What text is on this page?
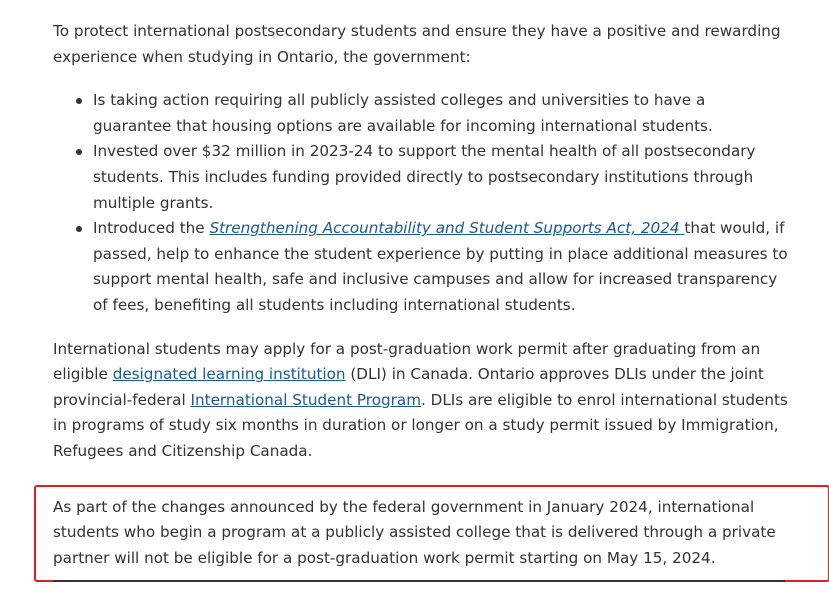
To protect international postsecondary students and ensure they have a positive and rewarding experience when studying in Ontario, the government:

Is taking action requiring all publicly assisted colleges and universities to have a guarantee that housing options are available for incoming international students.
Invested over $32 million in 2023-24 to support the mental health of all postsecondary students. This includes funding provided directly to postsecondary institutions through multiple grants.
Introduced the Strengthening Accountability and Student Supports Act, 2024 that would, if passed, help to enhance the student experience by putting in place additional measures to support mental health, safe and inclusive campuses and allow for increased transparency of fees, benefiting all students including international students.

International students may apply for a post-graduation work permit after graduating from an eligible designated learning institution (DLI) in Canada. Ontario approves DLIs under the joint provincial-federal International Student Program. DLIs are eligible to enrol international students in programs of study six months in duration or longer on a study permit issued by Immigration, Refugees and Citizenship Canada.

As part of the changes announced by the federal government in January 2024, international students who begin a program at a publicly assisted college that is delivered through a private partner will not be eligible for a post-graduation work permit starting on May 15, 2024.
